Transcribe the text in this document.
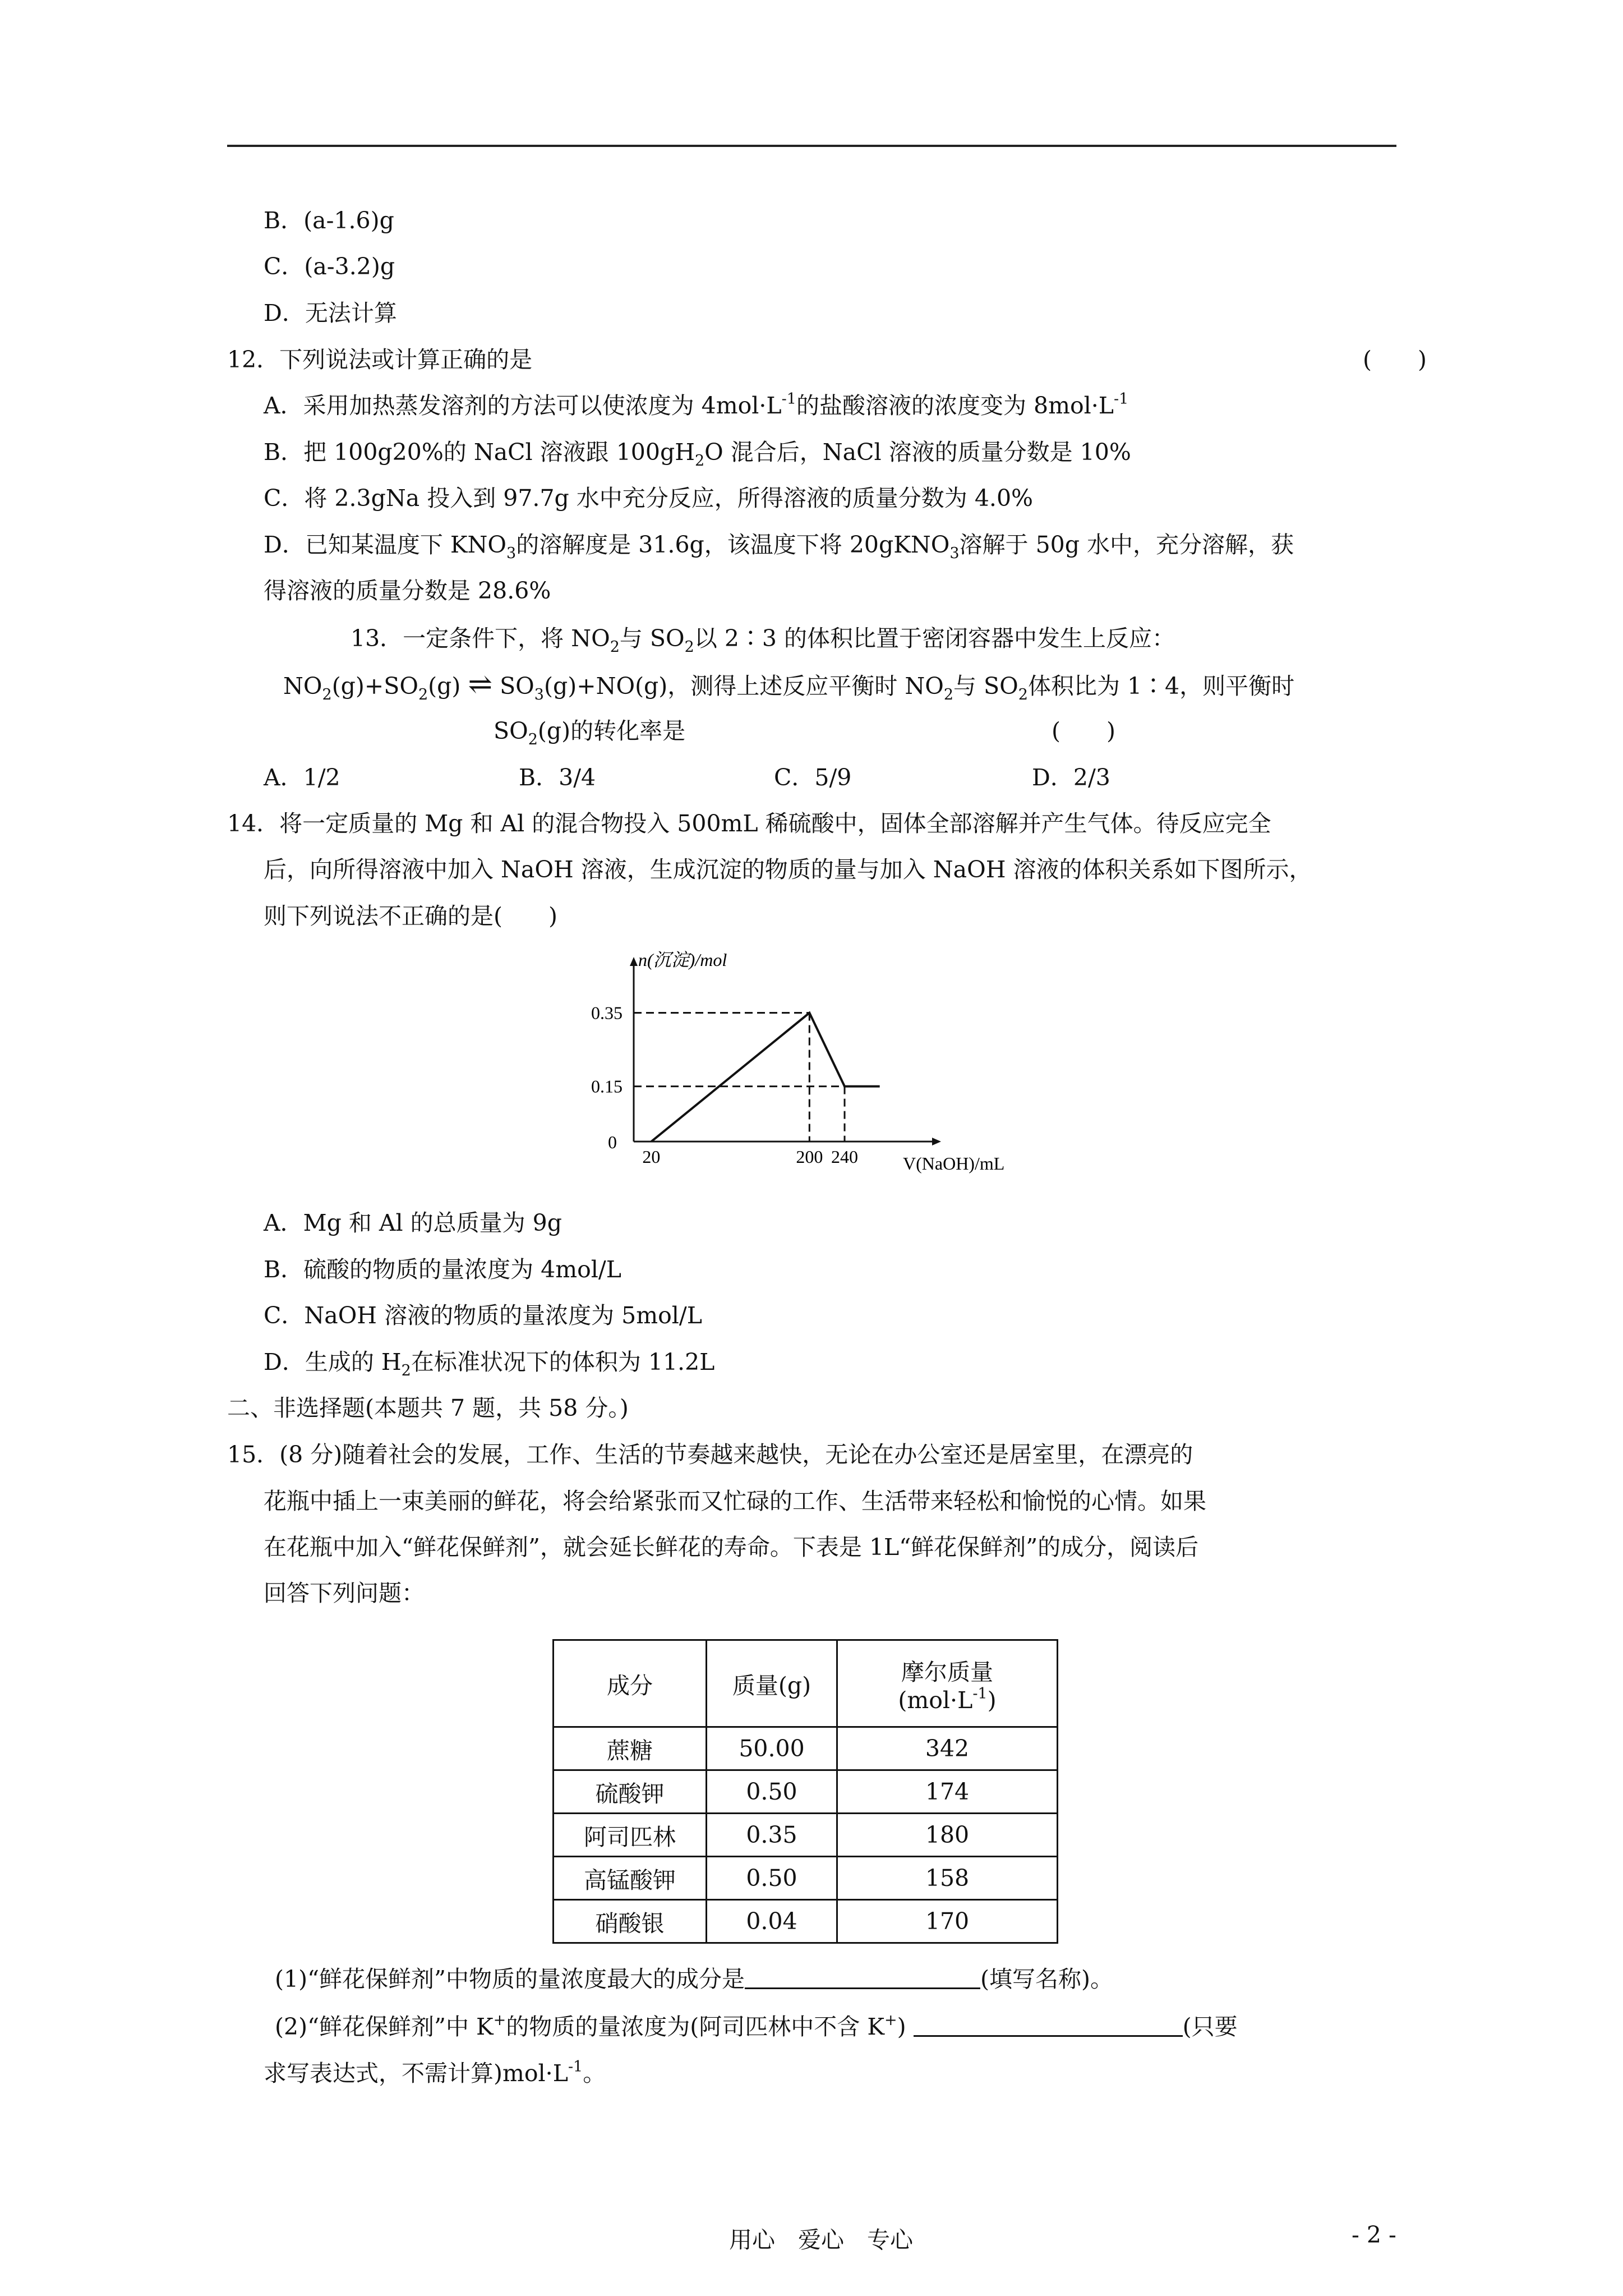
B．(a-1.6)g
C．(a-3.2)g
D．无法计算
12．下列说法或计算正确的是	(　　)
A．采用加热蒸发溶剂的方法可以使浓度为 $4mol\cdot L^{-1}$的盐酸溶液的浓度变为 $8mol\cdot L^{-1}$
B．把 100g20%的 NaCl 溶液跟 $100gH_2O$ 混合后，NaCl 溶液的质量分数是 10%
C．将 2.3gNa 投入到 97.7g 水中充分反应，所得溶液的质量分数为 4.0%
D．已知某温度下 $KNO_3$的溶解度是 31.6g，该温度下将 20gKNO$_3$溶解于 50g 水中，充分溶解，获
得溶液的质量分数是 28.6%
13．一定条件下，将 $NO_2$与 $SO_2$以 2∶3 的体积比置于密闭容器中发生上反应：
$NO_2(g)+SO_2(g)$ ⇌ $SO_3(g)+NO(g)$，测得上述反应平衡时 $NO_2$与 $SO_2$体积比为 1∶4，则平衡时
$SO_2(g)$的转化率是	(　　)
A．1/2	B．3/4	C．5/9	D．2/3
14．将一定质量的 Mg 和 Al 的混合物投入 500mL 稀硫酸中，固体全部溶解并产生气体。待反应完全
后，向所得溶液中加入 NaOH 溶液，生成沉淀的物质的量与加入 NaOH 溶液的体积关系如下图所示，
则下列说法不正确的是(　　)
n(沉淀)/mol
V(NaOH)/mL
0.35
0.15
0
20	200 240
A．Mg 和 Al 的总质量为 9g
B．硫酸的物质的量浓度为 4mol/L
C．NaOH 溶液的物质的量浓度为 5mol/L
D．生成的 $H_2$在标准状况下的体积为 11.2L
二、非选择题(本题共 7 题，共 58 分。)
15．(8 分)随着社会的发展，工作、生活的节奏越来越快，无论在办公室还是居室里，在漂亮的
花瓶中插上一束美丽的鲜花，将会给紧张而又忙碌的工作、生活带来轻松和愉悦的心情。如果
在花瓶中加入“鲜花保鲜剂”，就会延长鲜花的寿命。下表是 1L“鲜花保鲜剂”的成分，阅读后
回答下列问题：
成分	质量(g)	摩尔质量
$(mol\cdot L^{-1})$
蔗糖	50.00	342
硫酸钾	0.50	174
阿司匹林	0.35	180
高锰酸钾	0.50	158
硝酸银	0.04	170
(1)“鲜花保鲜剂”中物质的量浓度最大的成分是	(填写名称)。
(2)“鲜花保鲜剂”中 K+的物质的量浓度为(阿司匹林中不含 K+)	(只要
求写表达式，不需计算)$mol\cdot L^{-1}$。
用心　爱心　专心	- 2 -
